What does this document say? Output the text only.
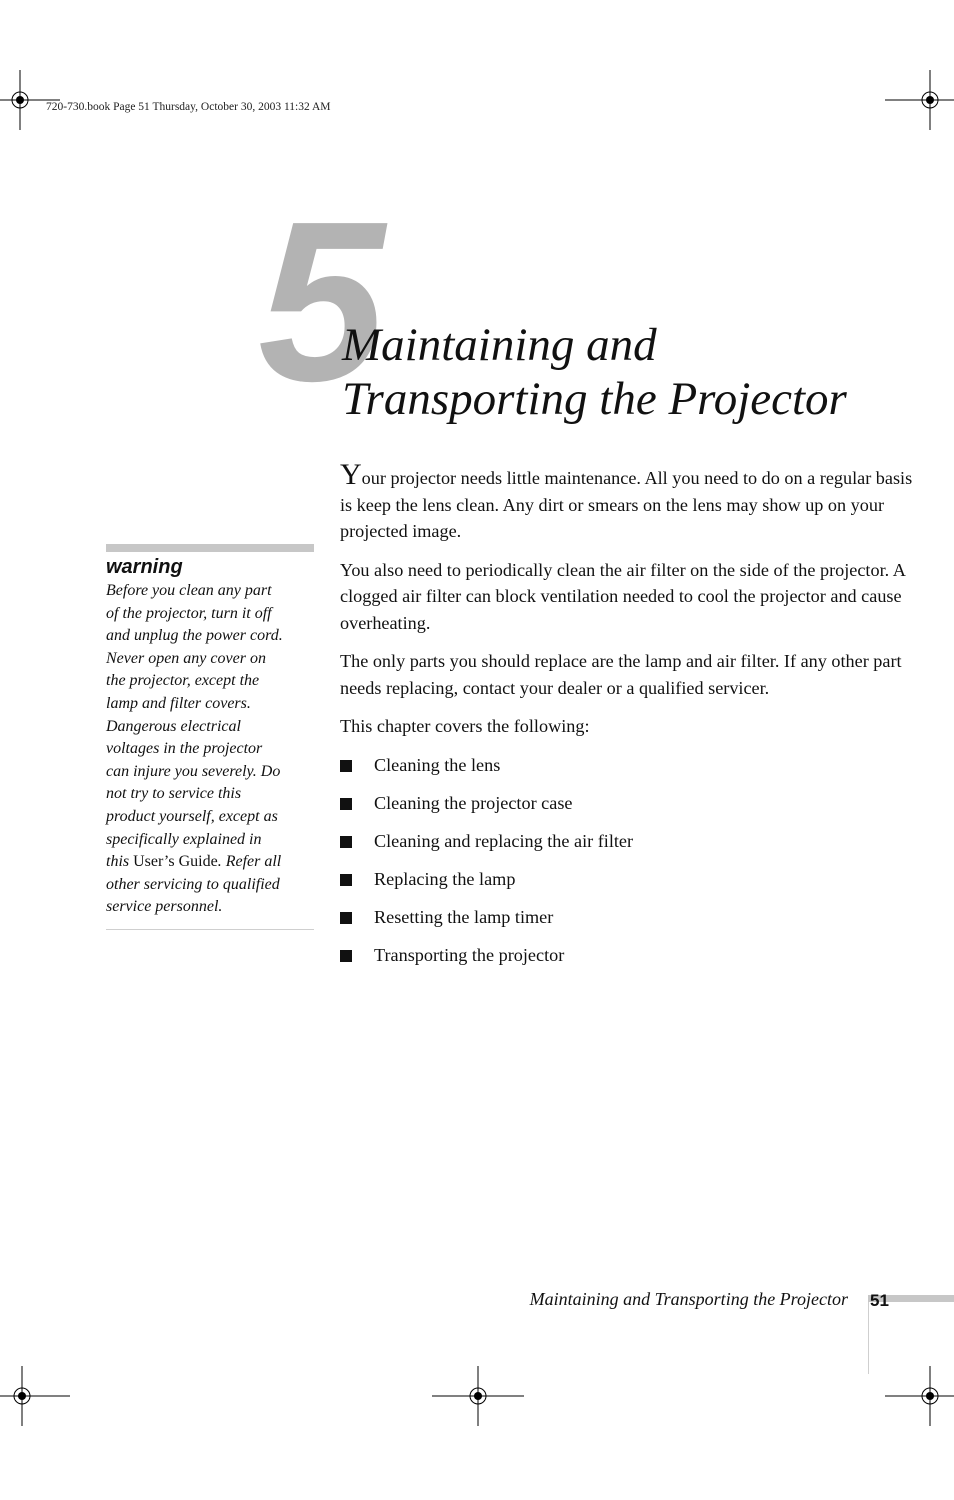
720-730.book Page 51 Thursday, October 30, 2003 11:32 AM
5
Maintaining and
Transporting the Projector
warning
Before you clean any part of the projector, turn it off and unplug the power cord. Never open any cover on the projector, except the lamp and filter covers. Dangerous electrical voltages in the projector can injure you severely. Do not try to service this product yourself, except as specifically explained in this User’s Guide. Refer all other servicing to qualified service personnel.

Your projector needs little maintenance. All you need to do on a regular basis is keep the lens clean. Any dirt or smears on the lens may show up on your projected image.

You also need to periodically clean the air filter on the side of the projector. A clogged air filter can block ventilation needed to cool the projector and cause overheating.

The only parts you should replace are the lamp and air filter. If any other part needs replacing, contact your dealer or a qualified servicer.

This chapter covers the following:

Cleaning the lens
Cleaning the projector case
Cleaning and replacing the air filter
Replacing the lamp
Resetting the lamp timer
Transporting the projector
Maintaining and Transporting the Projector 51
